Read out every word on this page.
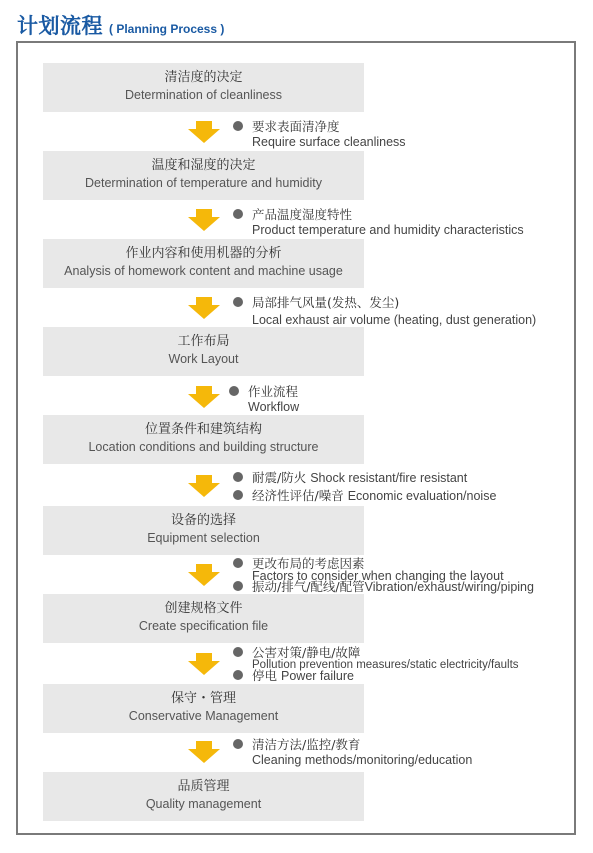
计划流程 ( Planning Process )
清洁度的决定
Determination of cleanliness
温度和湿度的决定
Determination of temperature and humidity
作业内容和使用机器的分析
Analysis of homework content and machine usage
工作布局
Work Layout
位置条件和建筑结构
Location conditions and building structure
设备的选择
Equipment selection
创建规格文件
Create specification file
保守・管理
Conservative Management
品质管理
Quality management
要求表面清净度
Require surface cleanliness
产品温度湿度特性
Product temperature and humidity characteristics
局部排气风量(发热、发尘)
Local exhaust air volume (heating, dust generation)
作业流程
Workflow
耐震/防火 Shock resistant/fire resistant
经济性评估/噪音 Economic evaluation/noise
更改布局的考虑因素
Factors to consider when changing the layout
振动/排气/配线/配管Vibration/exhaust/wiring/piping
公害对策/静电/故障
Pollution prevention measures/static electricity/faults
停电 Power failure
清洁方法/监控/教育
Cleaning methods/monitoring/education
